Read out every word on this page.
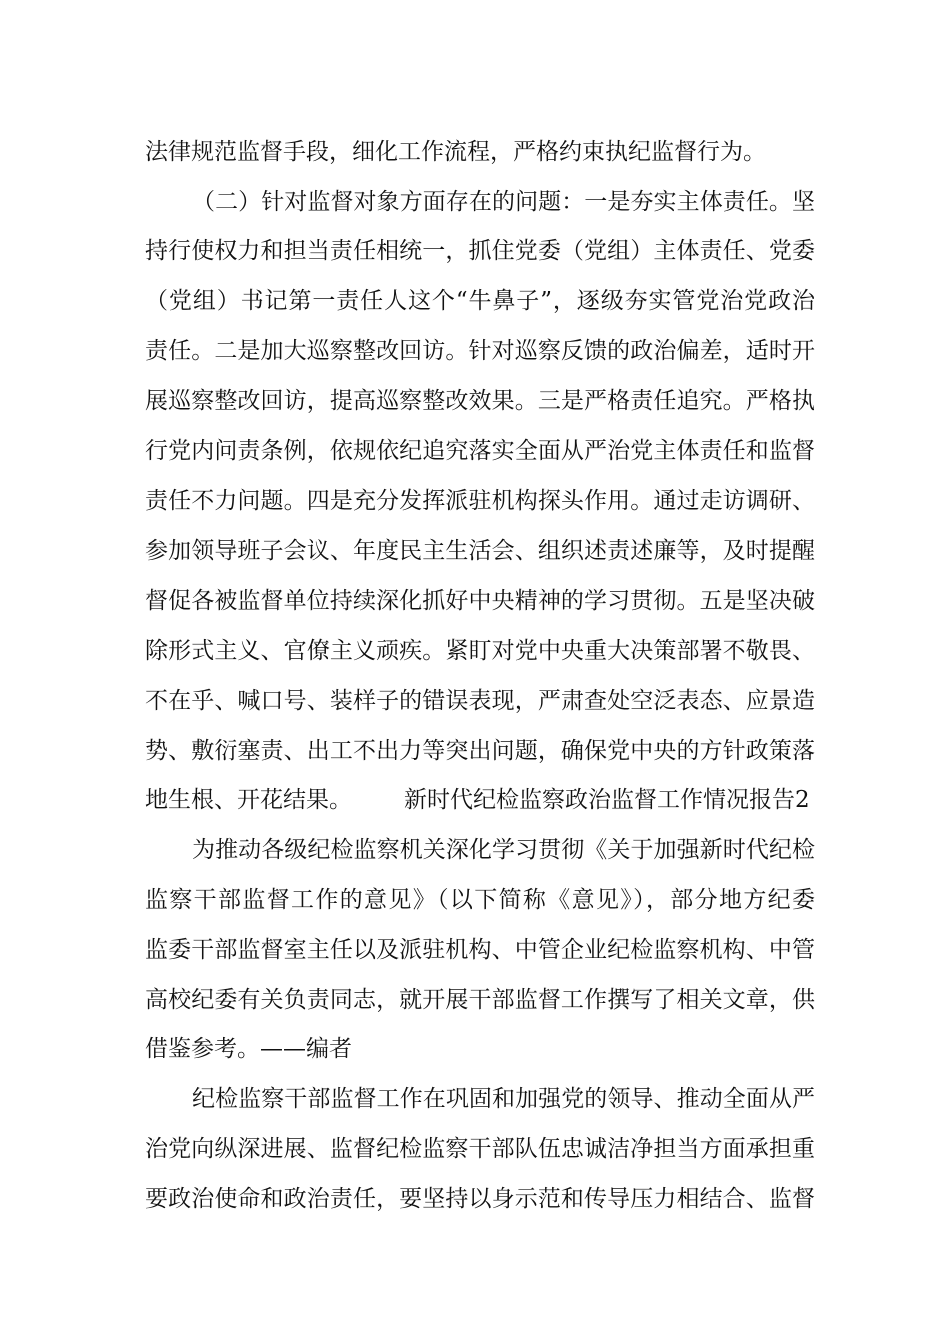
法律规范监督手段，细化工作流程，严格约束执纪监督行为。
（二）针对监督对象方面存在的问题：一是夯实主体责任。坚
持行使权力和担当责任相统一，抓住党委（党组）主体责任、党委
（党组）书记第一责任人这个“牛鼻子”，逐级夯实管党治党政治
责任。二是加大巡察整改回访。针对巡察反馈的政治偏差，适时开
展巡察整改回访，提高巡察整改效果。三是严格责任追究。严格执
行党内问责条例，依规依纪追究落实全面从严治党主体责任和监督
责任不力问题。四是充分发挥派驻机构探头作用。通过走访调研、
参加领导班子会议、年度民主生活会、组织述责述廉等，及时提醒
督促各被监督单位持续深化抓好中央精神的学习贯彻。五是坚决破
除形式主义、官僚主义顽疾。紧盯对党中央重大决策部署不敬畏、
不在乎、喊口号、装样子的错误表现，严肃查处空泛表态、应景造
势、敷衍塞责、出工不出力等突出问题，确保党中央的方针政策落
地生根、开花结果。 新时代纪检监察政治监督工作情况报告2
为推动各级纪检监察机关深化学习贯彻《关于加强新时代纪检
监察干部监督工作的意见》（以下简称《意见》），部分地方纪委
监委干部监督室主任以及派驻机构、中管企业纪检监察机构、中管
高校纪委有关负责同志，就开展干部监督工作撰写了相关文章，供
借鉴参考。——编者
纪检监察干部监督工作在巩固和加强党的领导、推动全面从严
治党向纵深进展、监督纪检监察干部队伍忠诚洁净担当方面承担重
要政治使命和政治责任，要坚持以身示范和传导压力相结合、监督
